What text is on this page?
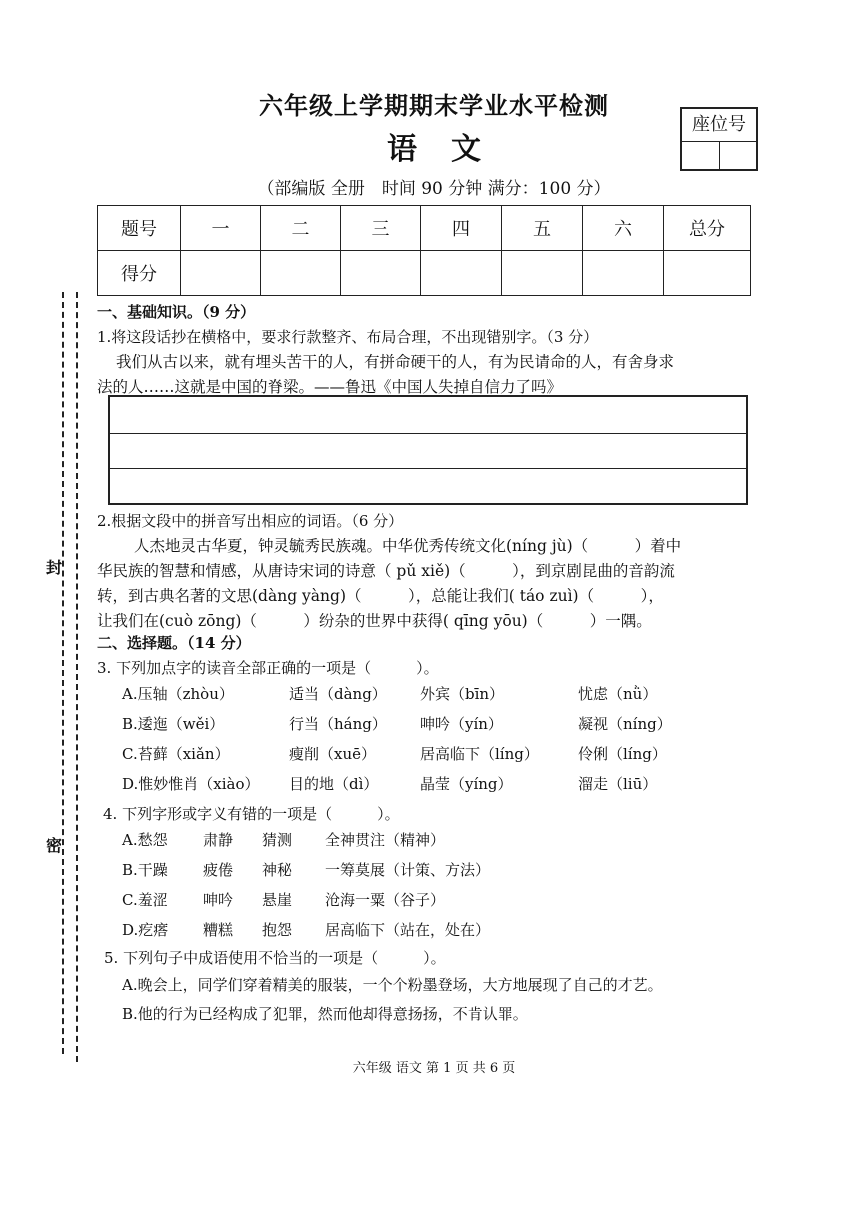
封
密
六年级上学期期末学业水平检测
语文
（部编版 全册　时间 90 分钟 满分：100 分）
座位号
题号	一	二	三	四	五	六	总分
得分							
一、基础知识。（9 分）
1.将这段话抄在横格中，要求行款整齐、布局合理，不出现错别字。（3 分）
我们从古以来，就有埋头苦干的人，有拼命硬干的人，有为民请命的人，有舍身求
法的人……这就是中国的脊梁。——鲁迅《中国人失掉自信力了吗》
2.根据文段中的拼音写出相应的词语。（6 分）
人杰地灵古华夏，钟灵毓秀民族魂。中华优秀传统文化(níng jù)（　　　）着中
华民族的智慧和情感，从唐诗宋词的诗意（ pǔ xiě)（　　　），到京剧昆曲的音韵流
转，到古典名著的文思(dàng yàng)（　　　），总能让我们( táo zuì)（　　　），
让我们在(cuò zōng)（　　　）纷杂的世界中获得( qīng yōu)（　　　）一隅。
二、选择题。（14 分）
3. 下列加点字的读音全部正确的一项是（　　　）。
A.压轴（zhòu）	适当（dàng） 外宾（bīn）	忧虑（nǜ）
B.逶迤（wěi）	行当（háng） 呻吟（yín）	凝视（níng）
C.苔藓（xiǎn）	瘦削（xuē）	居高临下（líng）	伶俐（líng）
D.惟妙惟肖（xiào） 目的地（dì）	晶莹（yíng）	溜走（liū）
4. 下列字形或字义有错的一项是（　　　）。
A.愁怨 肃静 猜测 全神贯注（精神）
B.干躁 疲倦 神秘 一筹莫展（计策、方法）
C.羞涩 呻吟 悬崖 沧海一粟（谷子）
D.疙瘩 糟糕 抱怨 居高临下（站在，处在）
5. 下列句子中成语使用不恰当的一项是（　　　）。
A.晚会上，同学们穿着精美的服装，一个个粉墨登场，大方地展现了自己的才艺。
B.他的行为已经构成了犯罪，然而他却得意扬扬，不肯认罪。
六年级 语文 第 1 页 共 6 页
